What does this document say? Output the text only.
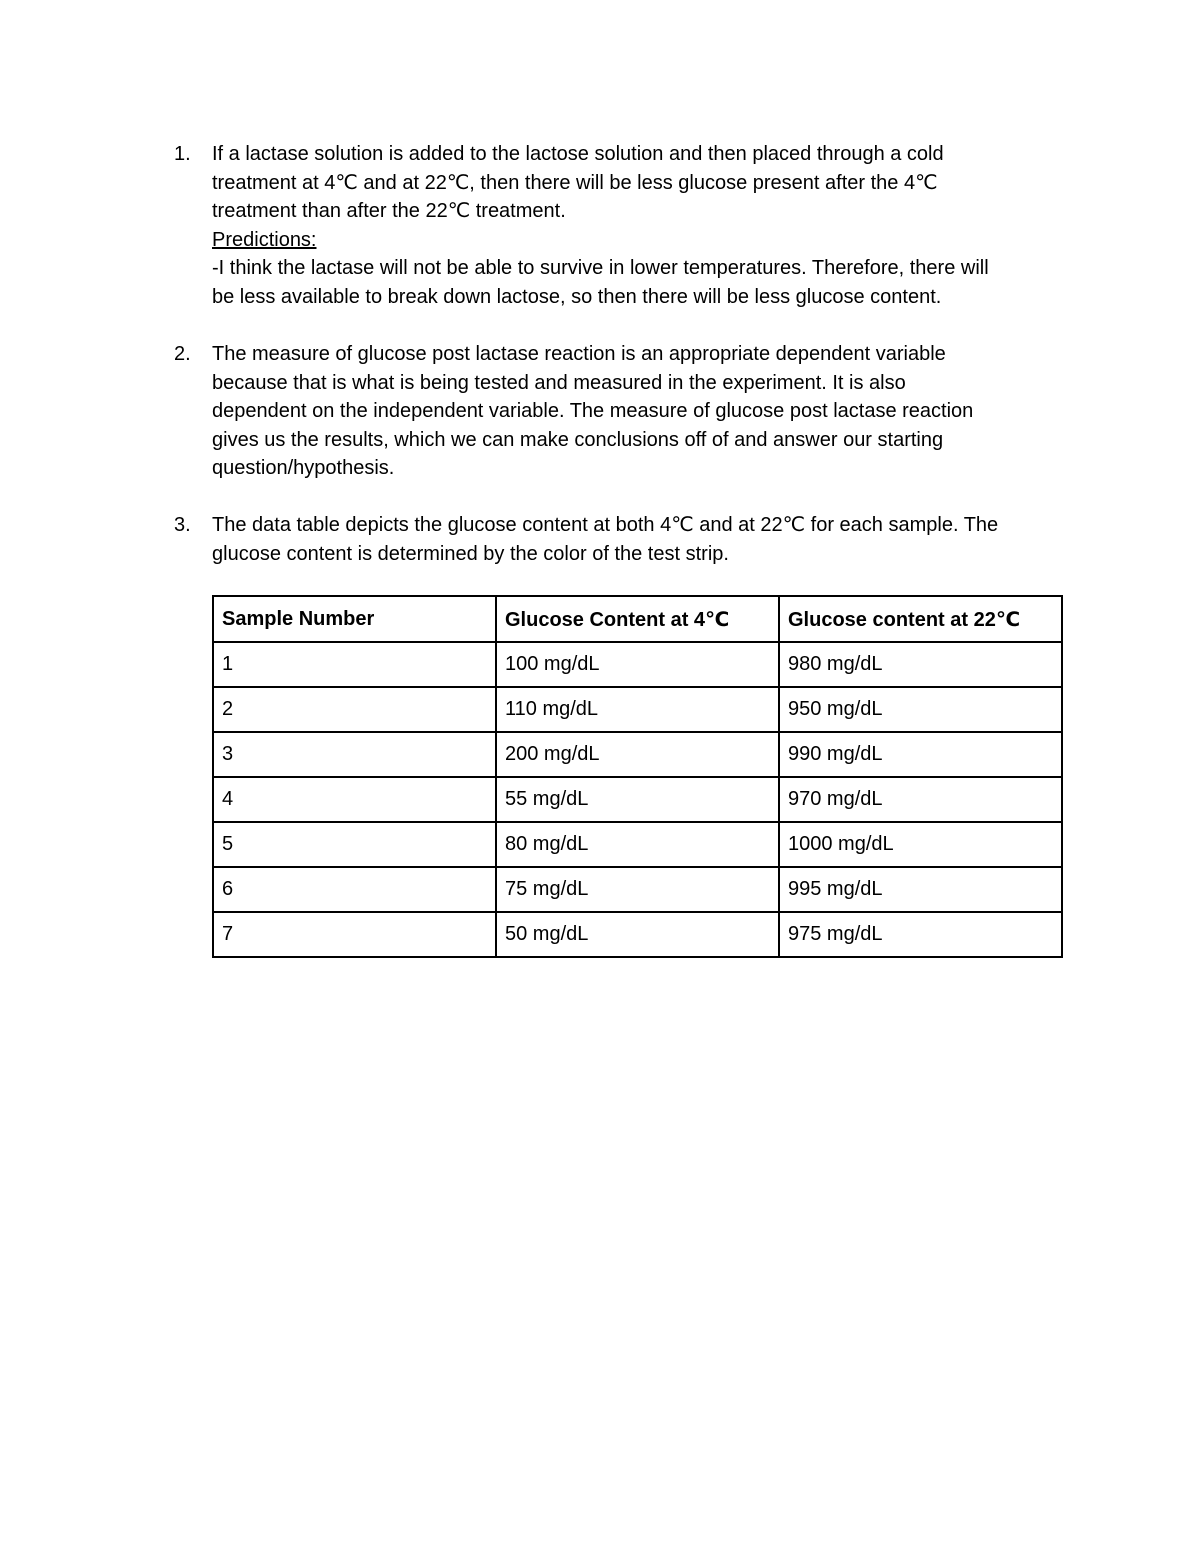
1.	If a lactase solution is added to the lactose solution and then placed through a cold

treatment at 4℃ and at 22℃, then there will be less glucose present after the 4℃

treatment than after the 22℃ treatment.

Predictions:

-I think the lactase will not be able to survive in lower temperatures. Therefore, there will

be less available to break down lactose, so then there will be less glucose content.

2.	The measure of glucose post lactase reaction is an appropriate dependent variable

because that is what is being tested and measured in the experiment. It is also

dependent on the independent variable. The measure of glucose post lactase reaction

gives us the results, which we can make conclusions off of and answer our starting

question/hypothesis.

3.	The data table depicts the glucose content at both 4℃ and at 22℃ for each sample. The

glucose content is determined by the color of the test strip.

Sample Number	Glucose Content at 4℃	Glucose content at 22℃
1	100 mg/dL	980 mg/dL
2	110 mg/dL	950 mg/dL
3	200 mg/dL	990 mg/dL
4	55 mg/dL	970 mg/dL
5	80 mg/dL	1000 mg/dL
6	75 mg/dL	995 mg/dL
7	50 mg/dL	975 mg/dL
